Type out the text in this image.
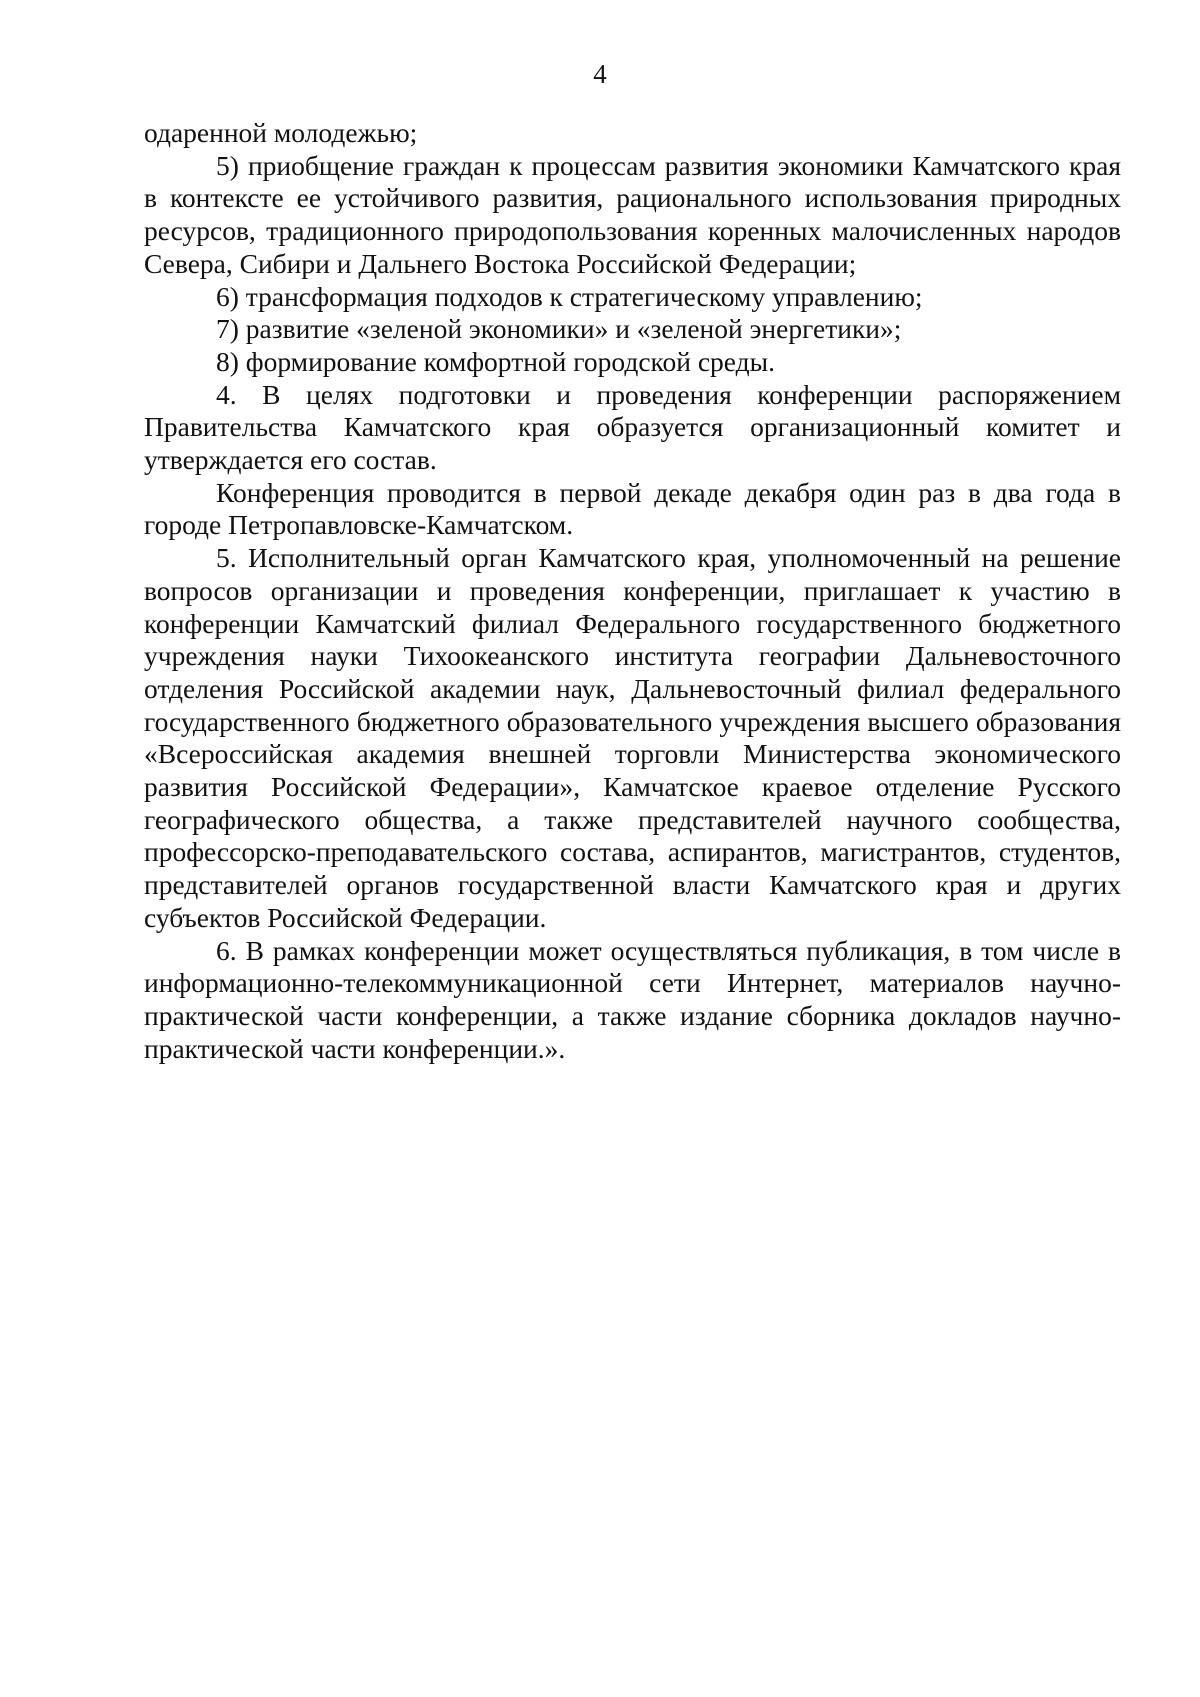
4

одаренной молодежью;

5) приобщение граждан к процессам развития экономики Камчатского края в контексте ее устойчивого развития, рационального использования природных ресурсов, традиционного природопользования коренных малочисленных народов Севера, Сибири и Дальнего Востока Российской Федерации;

6) трансформация подходов к стратегическому управлению;

7) развитие «зеленой экономики» и «зеленой энергетики»;

8) формирование комфортной городской среды.

4. В целях подготовки и проведения конференции распоряжением Правительства Камчатского края образуется организационный комитет и утверждается его состав.

Конференция проводится в первой декаде декабря один раз в два года в городе Петропавловске-Камчатском.

5. Исполнительный орган Камчатского края, уполномоченный на решение вопросов организации и проведения конференции, приглашает к участию в конференции Камчатский филиал Федерального государственного бюджетного учреждения науки Тихоокеанского института географии Дальневосточного отделения Российской академии наук, Дальневосточный филиал федерального государственного бюджетного образовательного учреждения высшего образования «Всероссийская академия внешней торговли Министерства экономического развития Российской Федерации», Камчатское краевое отделение Русского географического общества, а также представителей научного сообщества, профессорско-преподавательского состава, аспирантов, магистрантов, студентов, представителей органов государственной власти Камчатского края и других субъектов Российской Федерации.

6. В рамках конференции может осуществляться публикация, в том числе в информационно-телекоммуникационной сети Интернет, материалов научно-практической части конференции, а также издание сборника докладов научно-практической части конференции.».
